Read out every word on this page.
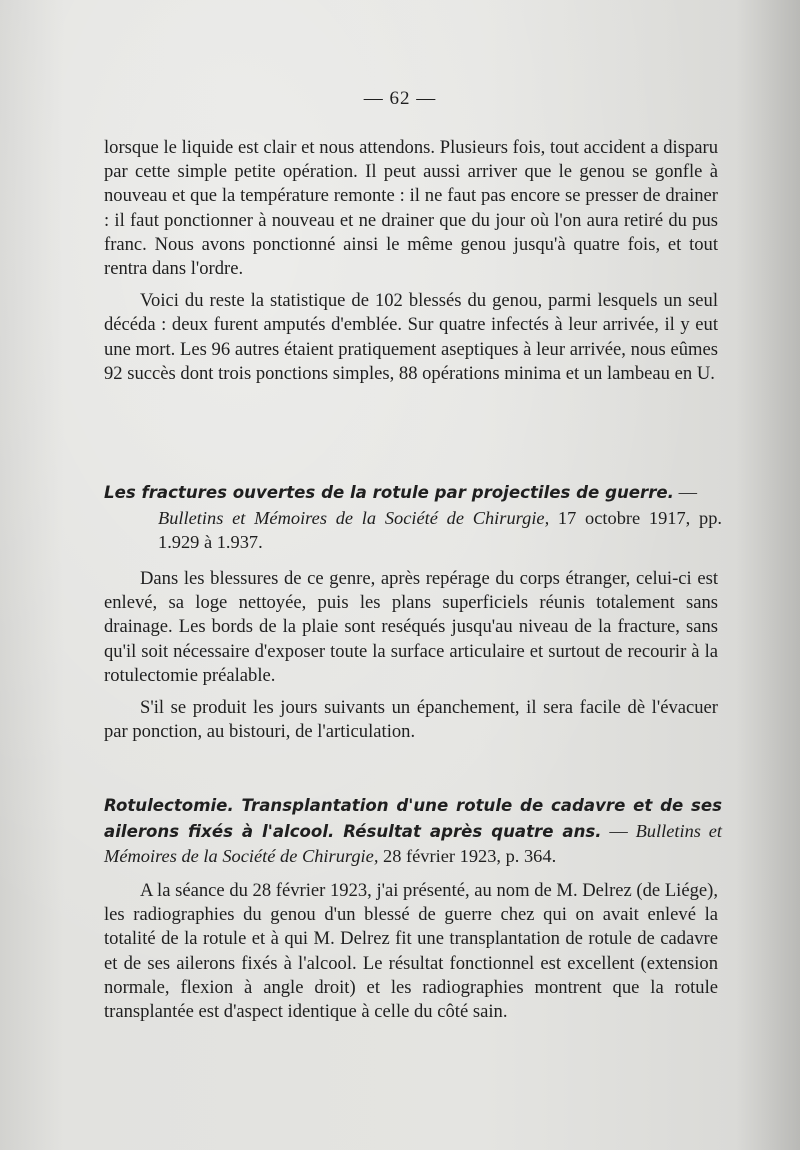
— 62 —

lorsque le liquide est clair et nous attendons. Plusieurs fois, tout accident a disparu par cette simple petite opération. Il peut aussi arriver que le genou se gonfle à nouveau et que la température remonte : il ne faut pas encore se presser de drainer : il faut ponctionner à nouveau et ne drainer que du jour où l'on aura retiré du pus franc. Nous avons ponctionné ainsi le même genou jusqu'à quatre fois, et tout rentra dans l'ordre.

Voici du reste la statistique de 102 blessés du genou, parmi lesquels un seul décéda : deux furent amputés d'emblée. Sur quatre infectés à leur arrivée, il y eut une mort. Les 96 autres étaient pratiquement aseptiques à leur arrivée, nous eûmes 92 succès dont trois ponctions simples, 88 opérations minima et un lambeau en U.

Les fractures ouvertes de la rotule par projectiles de guerre. —
Bulletins et Mémoires de la Société de Chirurgie, 17 octobre 1917, pp. 1.929 à 1.937.

Dans les blessures de ce genre, après repérage du corps étranger, celui-ci est enlevé, sa loge nettoyée, puis les plans superficiels réunis totalement sans drainage. Les bords de la plaie sont reséqués jusqu'au niveau de la fracture, sans qu'il soit nécessaire d'exposer toute la surface articulaire et surtout de recourir à la rotulectomie préalable.

S'il se produit les jours suivants un épanchement, il sera facile dè l'évacuer par ponction, au bistouri, de l'articulation.

Rotulectomie. Transplantation d'une rotule de cadavre et de ses ailerons fixés à l'alcool. Résultat après quatre ans. — Bulletins et Mémoires de la Société de Chirurgie, 28 février 1923, p. 364.

A la séance du 28 février 1923, j'ai présenté, au nom de M. Delrez (de Liége), les radiographies du genou d'un blessé de guerre chez qui on avait enlevé la totalité de la rotule et à qui M. Delrez fit une transplantation de rotule de cadavre et de ses ailerons fixés à l'alcool. Le résultat fonctionnel est excellent (extension normale, flexion à angle droit) et les radiographies montrent que la rotule transplantée est d'aspect identique à celle du côté sain.
